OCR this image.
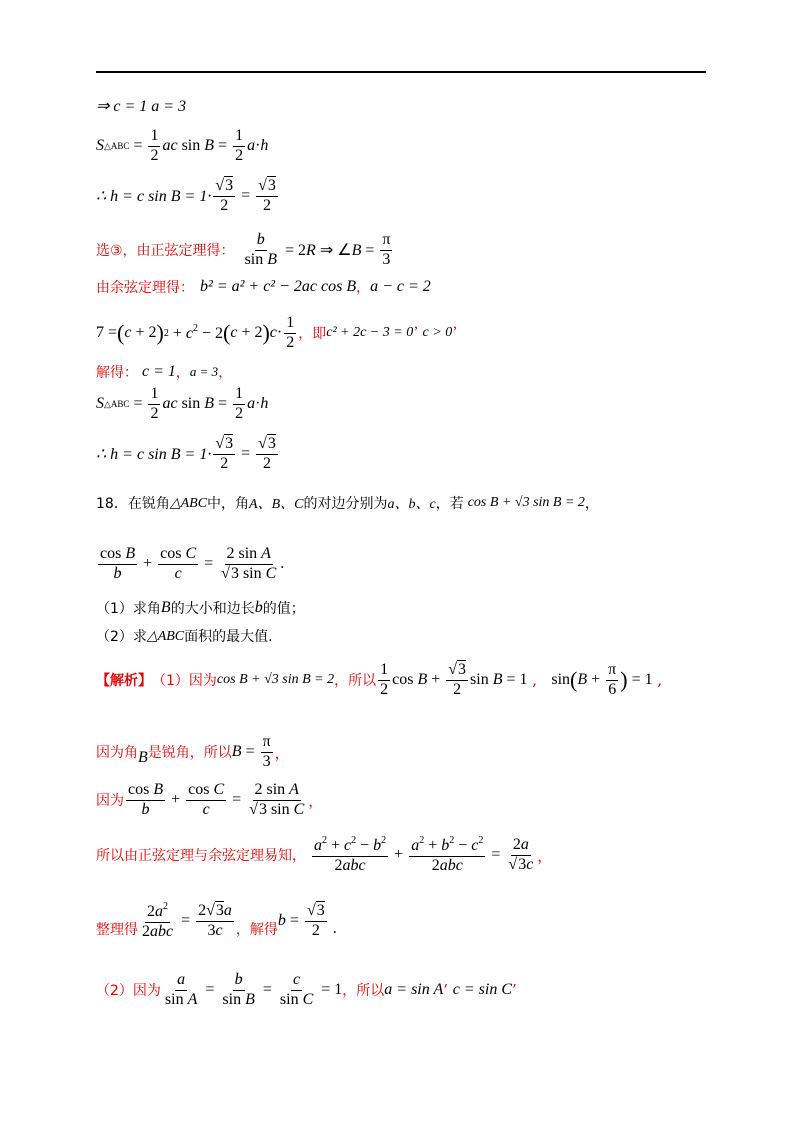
⇒ c = 1 a = 3
S △ABC = $\frac{1}{2}$ ac $\sin B = \frac{1}{2}$ a · h
∴ h = c $\sin B = 1\cdot \frac{√3}{2} = \frac{√3}{2}$
选③，由正弦定理得： $\frac{b}{\text{sin B}} = 2R$ ⇒ ∠B = $\frac{\pi}{3}$
由余弦定理得： b² = a² + c² − 2ac cos B ， a − c = 2
7 = ( c + 2 ) $2 + c^2 - 2$ ( c + 2 ) $c \cdot \frac{1}{2}$ ，即 c² + 2c − 3 = 0 ’ c > 0 ’
解得： c = 1 ， a = 3 ，
S △ABC = $\frac{1}{2}$ ac $\sin B = \frac{1}{2}$ a · h
∴ h = c $\sin B = 1\cdot \frac{√3}{2} = \frac{√3}{2}$
18． 在锐角 △ABC 中，角 A、B、C 的对边分别为 a、b、c ，若 cos B + √3 sin B = 2 ，
$\frac{\text{cos B}}{b} + \frac{\text{cos C}}{c} = \frac{\text{2 sin A}}{\text{√3 sin C}}$ .
（1）求角 B 的大小和边长 b 的值；
（2）求 △ABC 面积的最大值.
【解析】 （1）因为 cos B + √3 sin B = 2 ，所以 $\frac{1}{2}$ $\cos B + \frac{√3}{2}$ sin B = 1 , sin ( $B + \frac{\pi}{6}$ ) = 1 ,
因为角 B 是锐角，所以 $B = \frac{\pi}{3}$ ，
因为 $\frac{\text{cos B}}{b} + \frac{\text{cos C}}{c} = \frac{\text{2 sin A}}{\text{√3 sin C}}$ ，
所以由正弦定理与余弦定理易知， $\frac{a^2 + c^2 - b^2}{\text{2abc}} + \frac{a^2 + b^2 - c^2}{\text{2abc}} = \frac{2a}{√3c}$ ，
整理得 $\frac{2a^2}{\text{2abc}} = \frac{2√3a}{3c}$ ，解得
$b = \frac{√3}{2}$ .
（2）因为 $\frac{a}{\text{sin A}} = \frac{b}{\text{sin B}} = \frac{c}{\text{sin C}} = 1$ ，所以 a = sin A ’ c = sin C ’
